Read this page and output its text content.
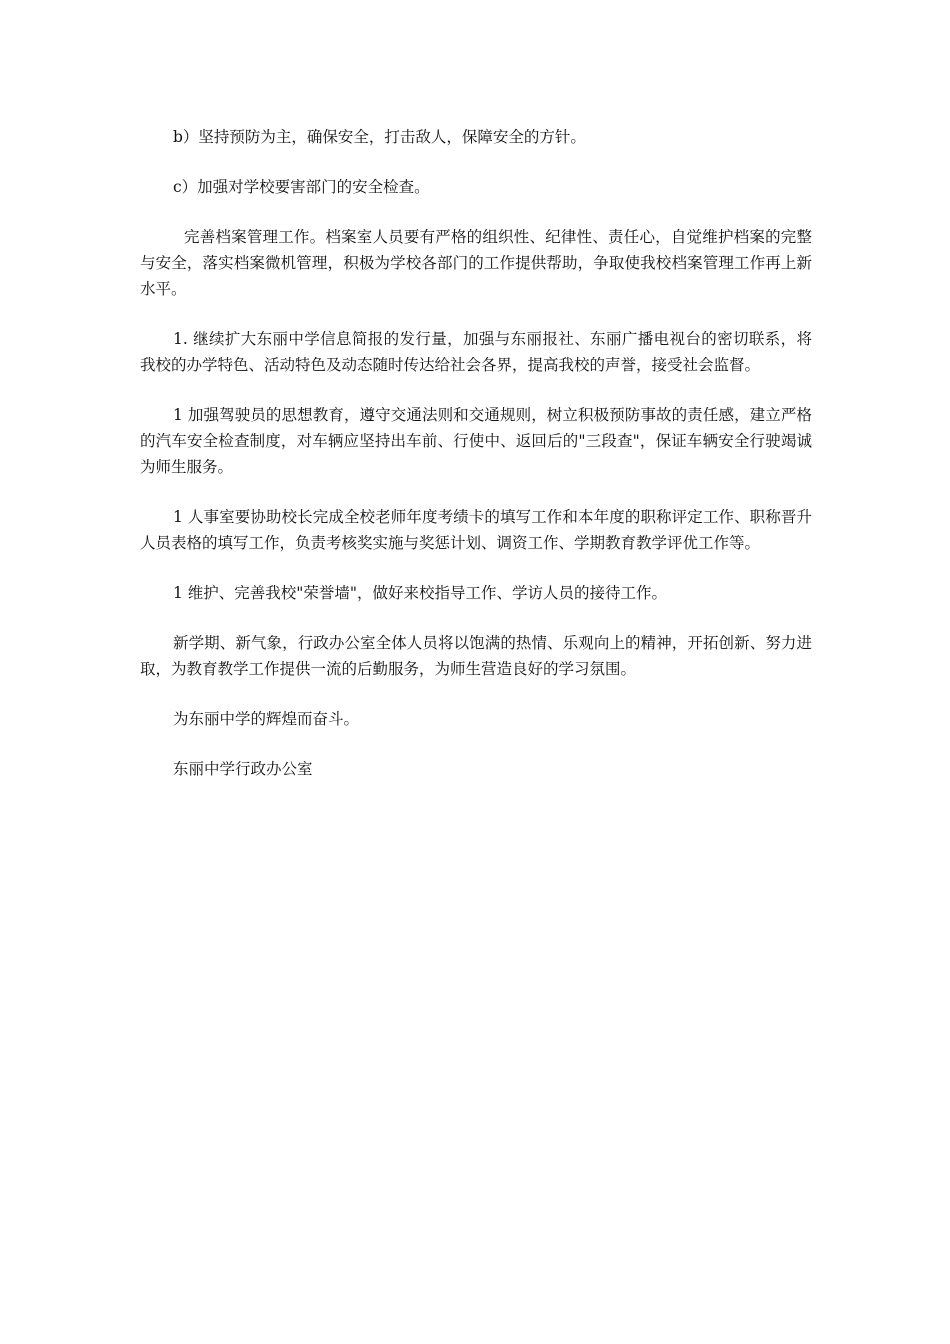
b）坚持预防为主，确保安全，打击敌人，保障安全的方针。

c）加强对学校要害部门的安全检查。

完善档案管理工作。档案室人员要有严格的组织性、纪律性、责任心，自觉维护档案的完整与安全，落实档案微机管理，积极为学校各部门的工作提供帮助，争取使我校档案管理工作再上新水平。

1. 继续扩大东丽中学信息简报的发行量，加强与东丽报社、东丽广播电视台的密切联系，将我校的办学特色、活动特色及动态随时传达给社会各界，提高我校的声誉，接受社会监督。

1 加强驾驶员的思想教育，遵守交通法则和交通规则，树立积极预防事故的责任感，建立严格的汽车安全检查制度，对车辆应坚持出车前、行使中、返回后的"三段查"，保证车辆安全行驶竭诚为师生服务。

1 人事室要协助校长完成全校老师年度考绩卡的填写工作和本年度的职称评定工作、职称晋升人员表格的填写工作，负责考核奖实施与奖惩计划、调资工作、学期教育教学评优工作等。

1 维护、完善我校"荣誉墙"，做好来校指导工作、学访人员的接待工作。

新学期、新气象，行政办公室全体人员将以饱满的热情、乐观向上的精神，开拓创新、努力进取，为教育教学工作提供一流的后勤服务，为师生营造良好的学习氛围。

为东丽中学的辉煌而奋斗。

东丽中学行政办公室
